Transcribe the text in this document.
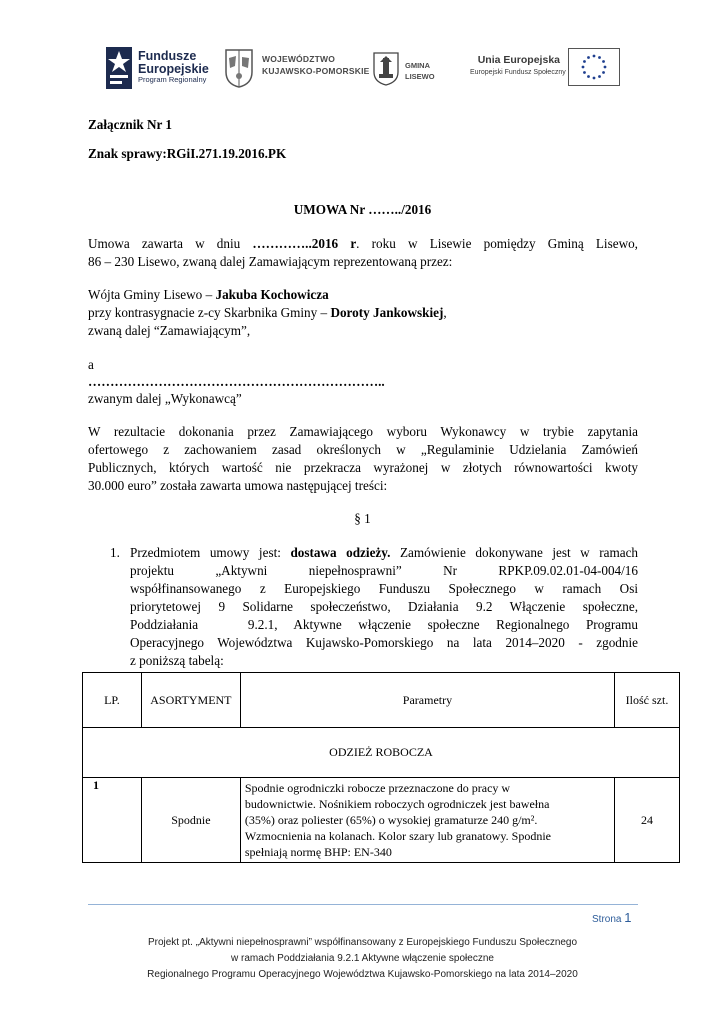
Fundusze
Europejskie
Program Regionalny
WOJEWÓDZTWO
KUJAWSKO-POMORSKIE
GMINA
LISEWO
Unia Europejska
Europejski Fundusz Społeczny
Załącznik Nr 1
Znak sprawy:RGiI.271.19.2016.PK
UMOWA Nr ……../2016
Umowa zawarta w dniu …………..2016 r. roku w Lisewie pomiędzy Gminą Lisewo,
86 – 230 Lisewo, zwaną dalej Zamawiającym reprezentowaną przez:
Wójta Gminy Lisewo – Jakuba Kochowicza
przy kontrasygnacie z-cy Skarbnika Gminy – Doroty Jankowskiej,
zwaną dalej “Zamawiającym”,
a
…………………………………………………………..
zwanym dalej „Wykonawcą”
W rezultacie dokonania przez Zamawiającego wyboru Wykonawcy w trybie zapytania
ofertowego z zachowaniem zasad określonych w „Regulaminie Udzielania Zamówień
Publicznych, których wartość nie przekracza wyrażonej w złotych równowartości kwoty
30.000 euro” została zawarta umowa następującej treści:
§ 1
1. Przedmiotem umowy jest: dostawa odzieży. Zamówienie dokonywane jest w ramach
projektu        „Aktywni        niepełnosprawni”        Nr        RPKP.09.02.01-04-004/16
współfinansowanego z Europejskiego Funduszu Społecznego w ramach Osi
priorytetowej 9 Solidarne społeczeństwo, Działania 9.2 Włączenie społeczne,
Poddziałania   9.2.1, Aktywne włączenie społeczne Regionalnego Programu
Operacyjnego Województwa Kujawsko-Pomorskiego na lata 2014–2020 - zgodnie
z poniższą tabelą:
LP.	ASORTYMENT	Parametry	Ilość szt.
ODZIEŻ ROBOCZA			
1	Spodnie	Spodnie ogrodniczki robocze przeznaczone do pracy w
budownictwie. Nośnikiem roboczych ogrodniczek jest bawełna
(35%) oraz poliester (65%) o wysokiej gramaturze 240 g/m².
Wzmocnienia na kolanach. Kolor szary lub granatowy. Spodnie
spełniają normę BHP: EN-340	24
Strona 1
Projekt pt. „Aktywni niepełnosprawni” współfinansowany z Europejskiego Funduszu Społecznego
w ramach Poddziałania 9.2.1 Aktywne włączenie społeczne
Regionalnego Programu Operacyjnego Województwa Kujawsko-Pomorskiego na lata 2014–2020
